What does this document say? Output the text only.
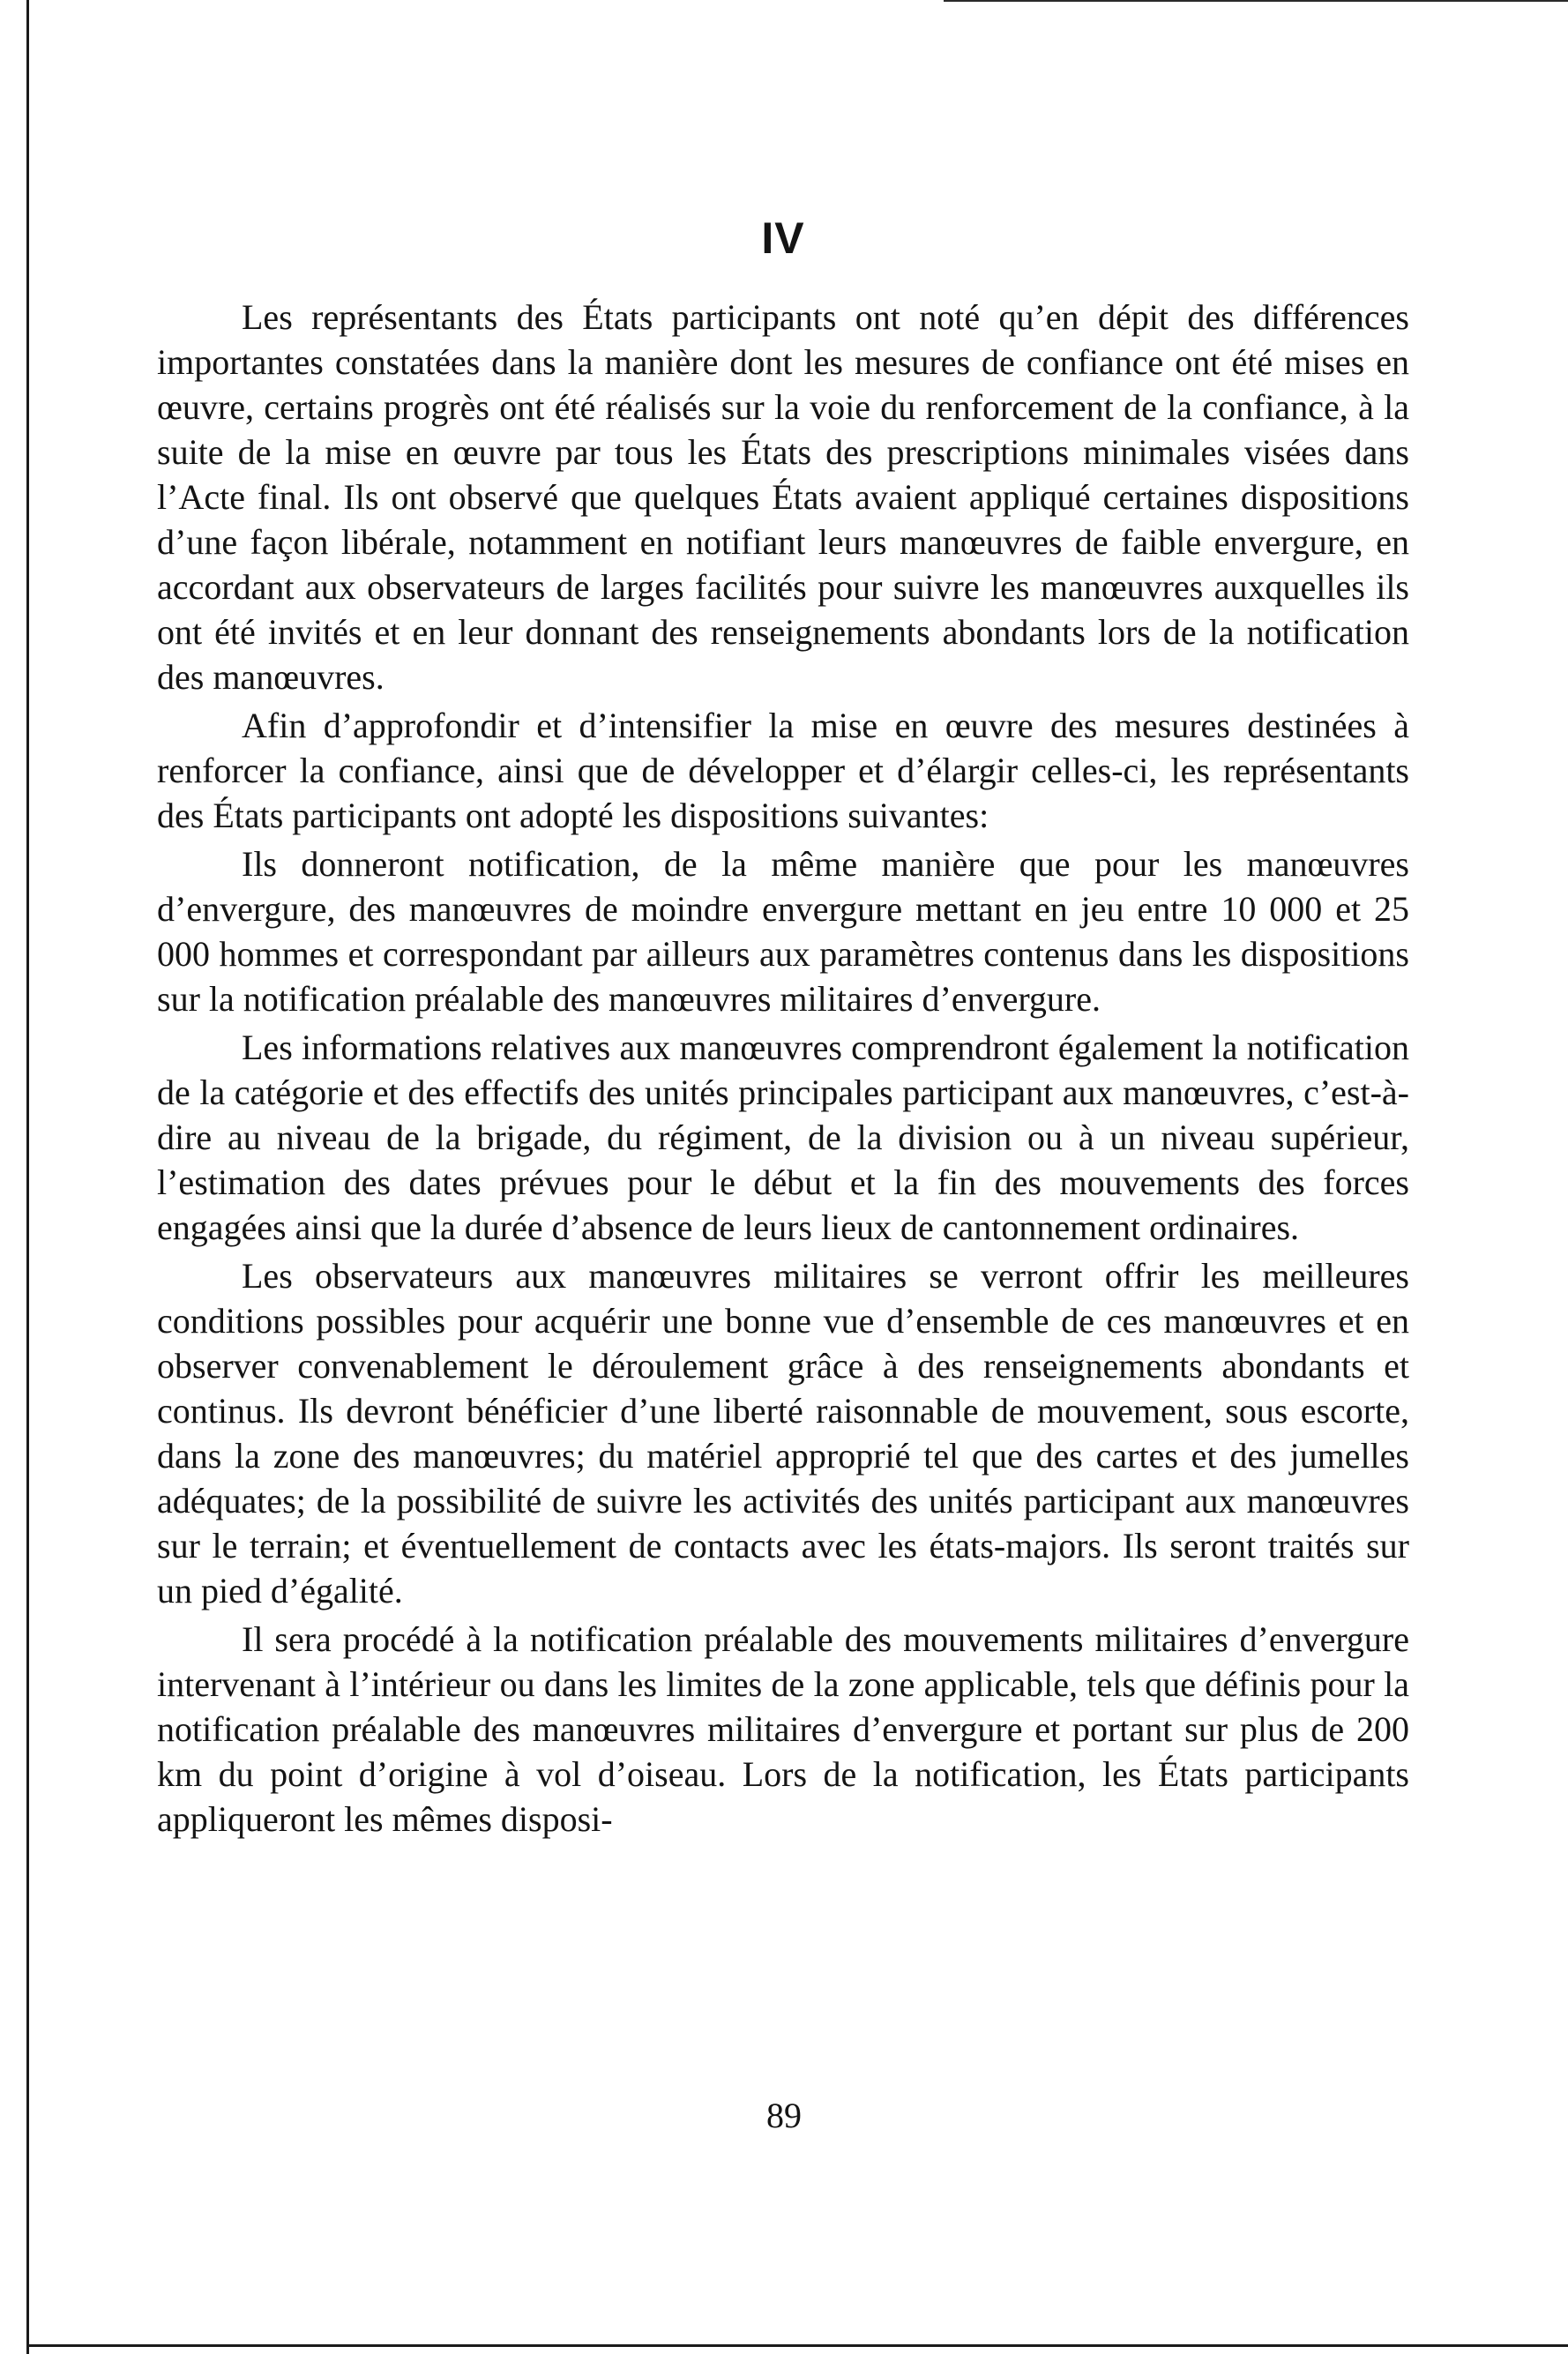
IV

Les représentants des États participants ont noté qu’en dépit des différences importantes constatées dans la manière dont les mesures de confiance ont été mises en œuvre, certains progrès ont été réalisés sur la voie du renforcement de la confiance, à la suite de la mise en œuvre par tous les États des prescriptions minimales visées dans l’Acte final. Ils ont observé que quelques États avaient appliqué certaines dispositions d’une façon libérale, notamment en notifiant leurs manœuvres de faible envergure, en accordant aux observateurs de larges facilités pour suivre les manœuvres auxquelles ils ont été invités et en leur donnant des renseignements abondants lors de la notification des manœuvres.

Afin d’approfondir et d’intensifier la mise en œuvre des mesures destinées à renforcer la confiance, ainsi que de développer et d’élargir celles-ci, les représentants des États participants ont adopté les dispositions suivantes:

Ils donneront notification, de la même manière que pour les manœuvres d’envergure, des manœuvres de moindre envergure mettant en jeu entre 10 000 et 25 000 hommes et correspondant par ailleurs aux paramètres contenus dans les dispositions sur la notification préalable des manœuvres militaires d’envergure.

Les informations relatives aux manœuvres comprendront également la notification de la catégorie et des effectifs des unités principales participant aux manœuvres, c’est-à-dire au niveau de la brigade, du régiment, de la division ou à un niveau supérieur, l’estimation des dates prévues pour le début et la fin des mouvements des forces engagées ainsi que la durée d’absence de leurs lieux de cantonnement ordinaires.

Les observateurs aux manœuvres militaires se verront offrir les meilleures conditions possibles pour acquérir une bonne vue d’ensemble de ces manœuvres et en observer convenablement le déroulement grâce à des renseignements abondants et continus. Ils devront bénéficier d’une liberté raisonnable de mouvement, sous escorte, dans la zone des manœuvres; du matériel approprié tel que des cartes et des jumelles adéquates; de la possibilité de suivre les activités des unités participant aux manœuvres sur le terrain; et éventuellement de contacts avec les états-majors. Ils seront traités sur un pied d’égalité.

Il sera procédé à la notification préalable des mouvements militaires d’envergure intervenant à l’intérieur ou dans les limites de la zone applicable, tels que définis pour la notification préalable des manœuvres militaires d’envergure et portant sur plus de 200 km du point d’origine à vol d’oiseau. Lors de la notification, les États participants appliqueront les mêmes disposi-

89
